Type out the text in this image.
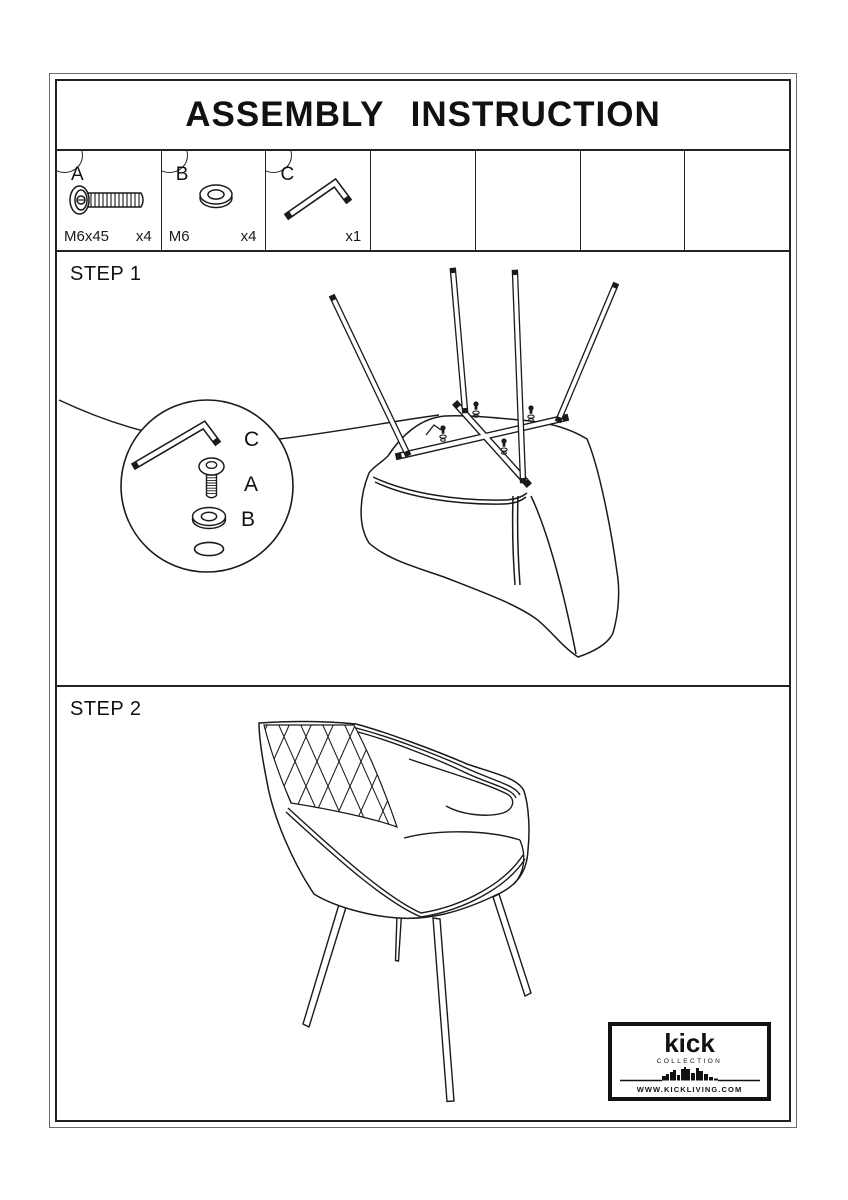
ASSEMBLY INSTRUCTION
A
M6x45 x4
B
M6	x4
C
x1
STEP 1
C
A
B
STEP 2
kick
COLLECTION
WWW.KICKLIVING.COM
